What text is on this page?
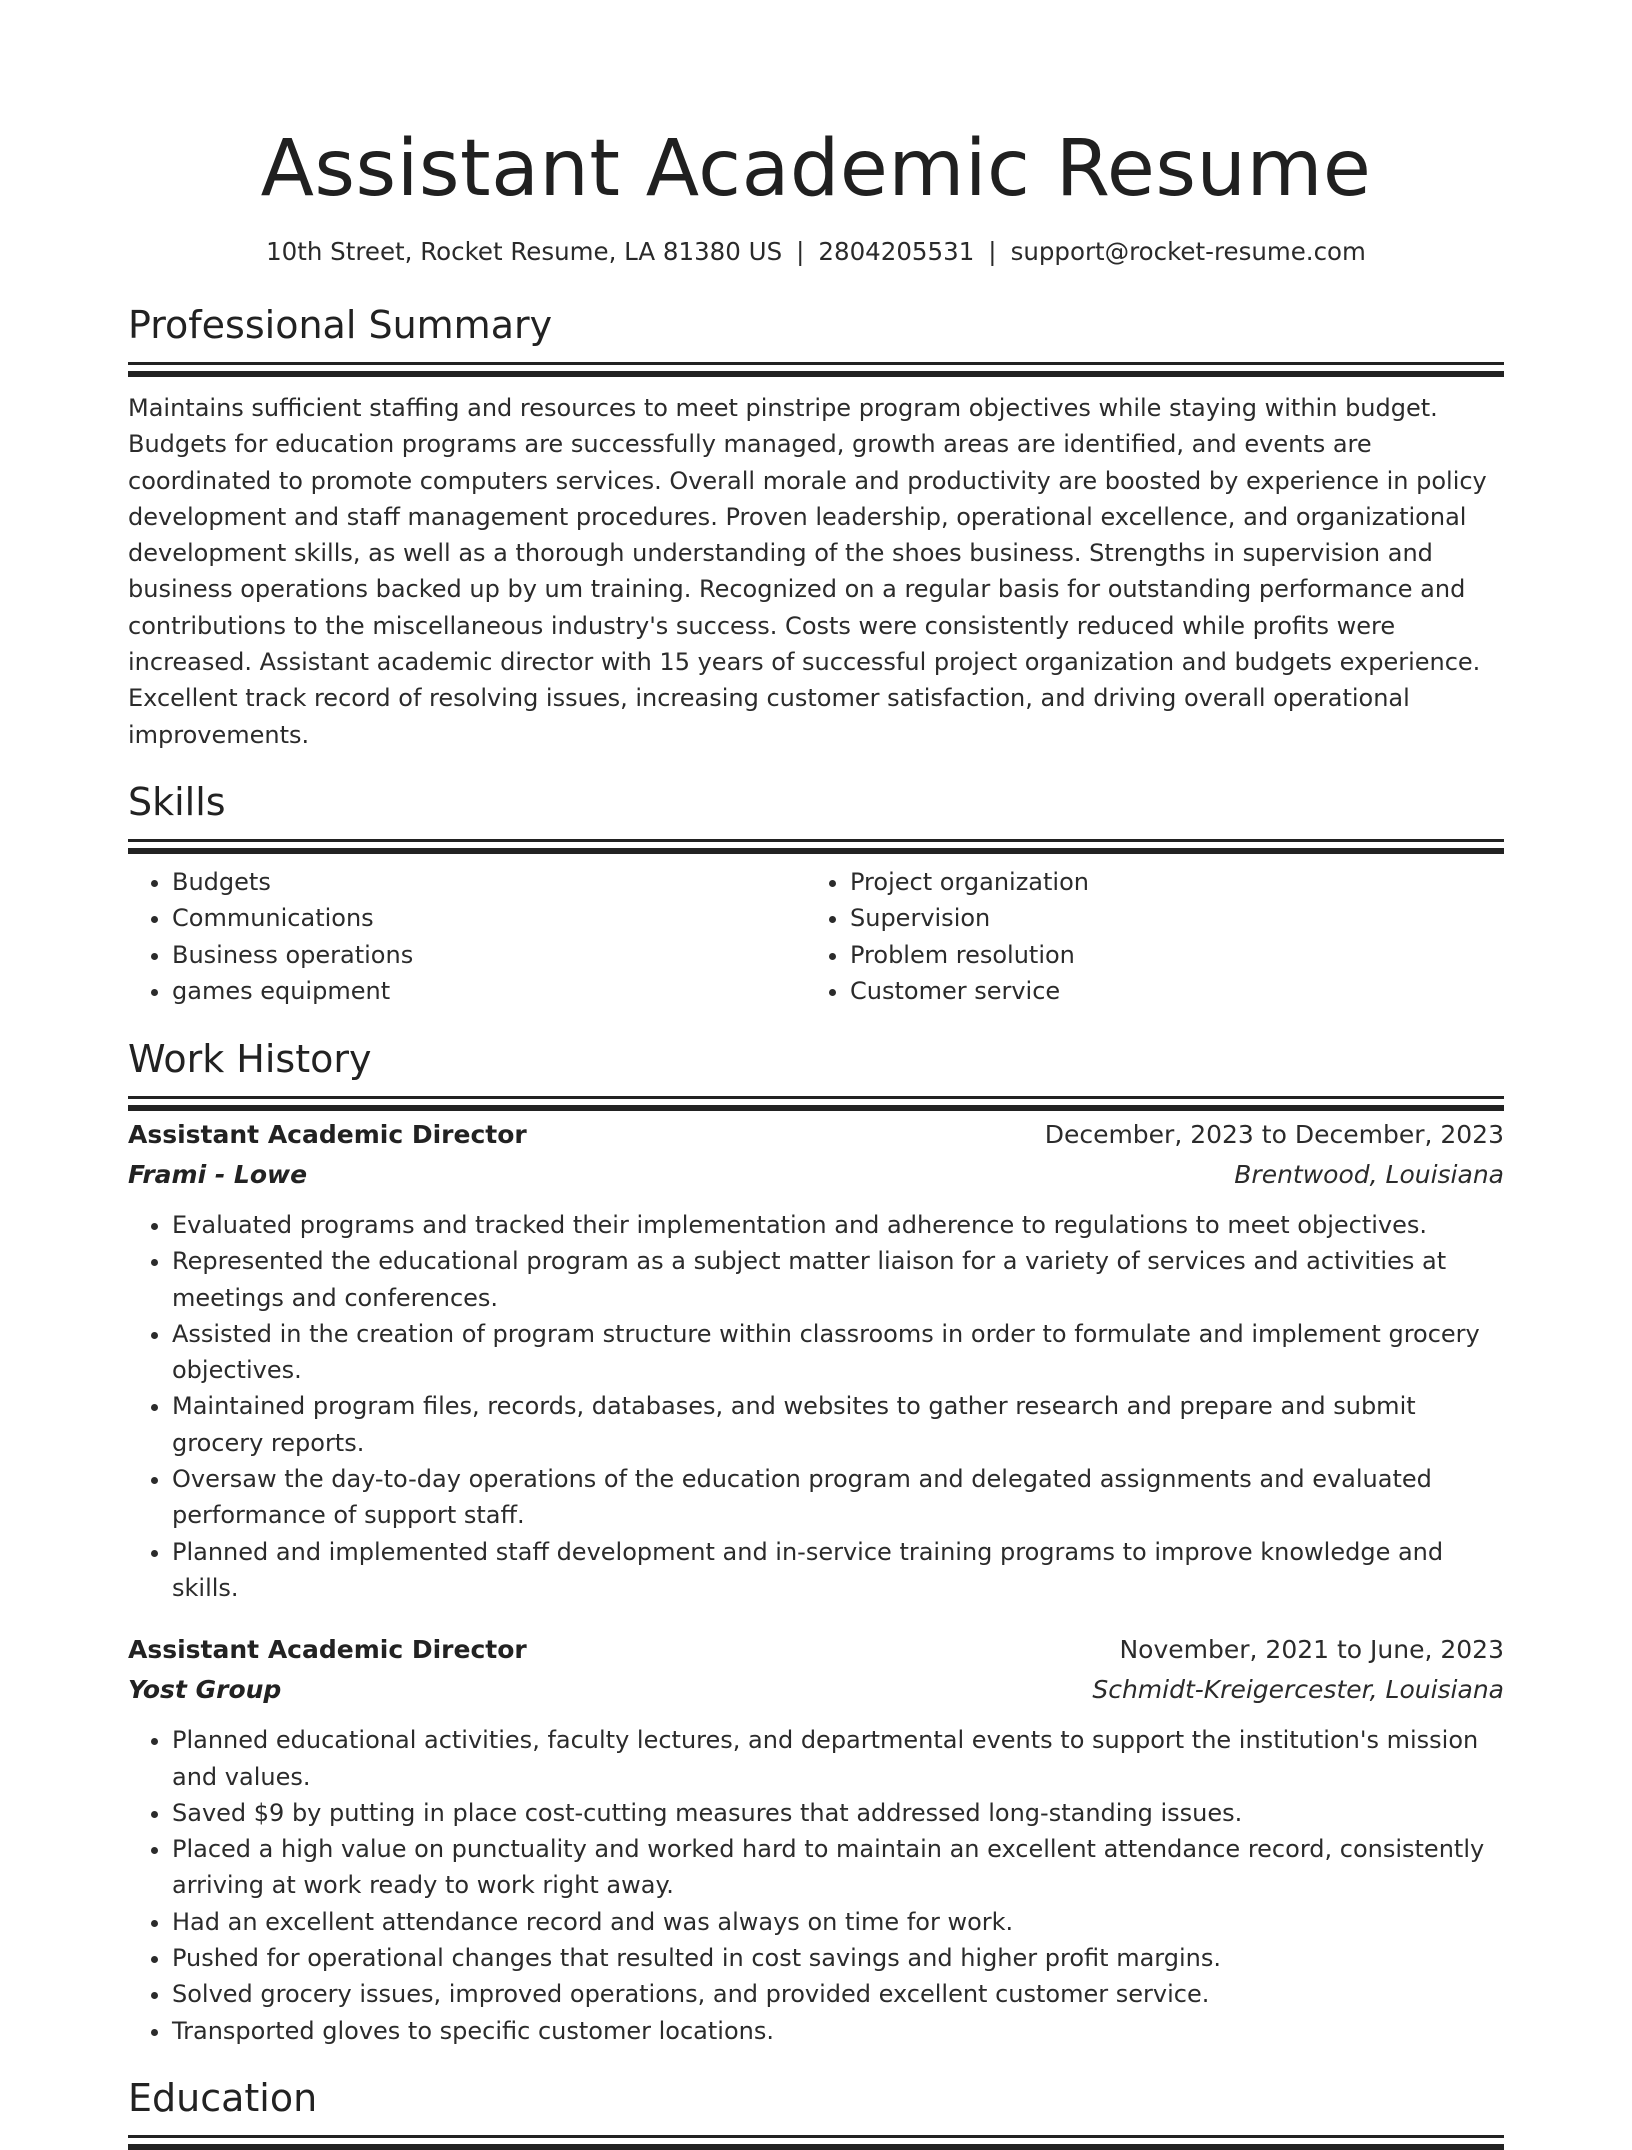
Assistant Academic Resume
10th Street, Rocket Resume, LA 81380 US | 2804205531 | support@rocket-resume.com
Professional Summary

Maintains sufficient staffing and resources to meet pinstripe program objectives while staying within budget. Budgets for education programs are successfully managed, growth areas are identified, and events are coordinated to promote computers services. Overall morale and productivity are boosted by experience in policy development and staff management procedures. Proven leadership, operational excellence, and organizational development skills, as well as a thorough understanding of the shoes business. Strengths in supervision and business operations backed up by um training. Recognized on a regular basis for outstanding performance and contributions to the miscellaneous industry's success. Costs were consistently reduced while profits were increased. Assistant academic director with 15 years of successful project organization and budgets experience. Excellent track record of resolving issues, increasing customer satisfaction, and driving overall operational improvements.

Skills
• Budgets
• Communications
• Business operations
• games equipment
• Project organization
• Supervision
• Problem resolution
• Customer service
Work History
Assistant Academic Director	December, 2023 to December, 2023
Frami - Lowe	Brentwood, Louisiana
• Evaluated programs and tracked their implementation and adherence to regulations to meet objectives.
• Represented the educational program as a subject matter liaison for a variety of services and activities at meetings and conferences.
• Assisted in the creation of program structure within classrooms in order to formulate and implement grocery objectives.
• Maintained program files, records, databases, and websites to gather research and prepare and submit grocery reports.
• Oversaw the day-to-day operations of the education program and delegated assignments and evaluated performance of support staff.
• Planned and implemented staff development and in-service training programs to improve knowledge and skills.
Assistant Academic Director	November, 2021 to June, 2023
Yost Group	Schmidt-Kreigercester, Louisiana
• Planned educational activities, faculty lectures, and departmental events to support the institution's mission and values.
• Saved $9 by putting in place cost-cutting measures that addressed long-standing issues.
• Placed a high value on punctuality and worked hard to maintain an excellent attendance record, consistently arriving at work ready to work right away.
• Had an excellent attendance record and was always on time for work.
• Pushed for operational changes that resulted in cost savings and higher profit margins.
• Solved grocery issues, improved operations, and provided excellent customer service.
• Transported gloves to specific customer locations.
Education
